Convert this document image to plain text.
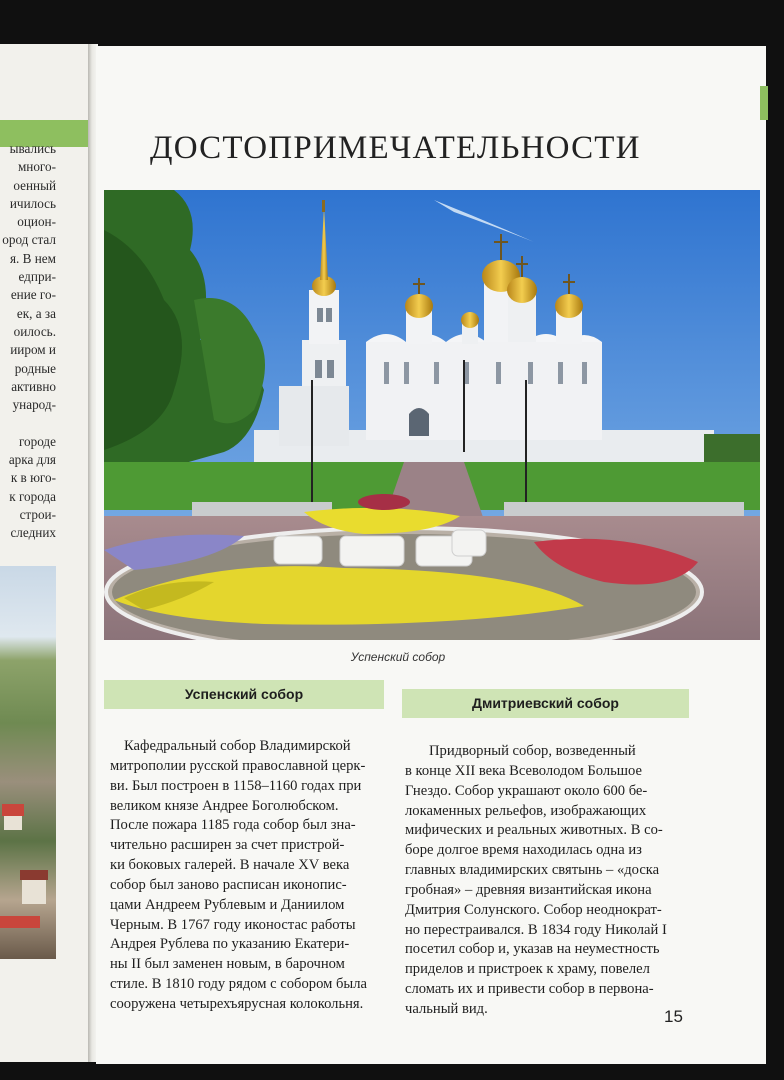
ывались
много-
оенный
ичилось
оцион-
ород стал
я. В нем
едпри-
ение го-
ек, а за
оилось.
ииром и
родные
активно
ународ-
городе
арка для
к в юго-
к города
строи-
следних
ДОСТОПРИМЕЧАТЕЛЬНОСТИ
Успенский собор
Успенский собор
Кафедральный собор Владимирской
митрополии русской православной церк-
ви. Был построен в 1158–1160 годах при
великом князе Андрее Боголюбском.
После пожара 1185 года собор был зна-
чительно расширен за счет пристрой-
ки боковых галерей. В начале XV века
собор был заново расписан иконопис-
цами Андреем Рублевым и Даниилом
Черным. В 1767 году иконостас работы
Андрея Рублева по указанию Екатери-
ны II был заменен новым, в барочном
стиле. В 1810 году рядом с собором была
сооружена четырехъярусная колокольня.
Дмитриевский собор
Придворный собор, возведенный
в конце XII века Всеволодом Большое
Гнездо. Собор украшают около 600 бе-
локаменных рельефов, изображающих
мифических и реальных животных. В со-
боре долгое время находилась одна из
главных владимирских святынь – «доска
гробная» – древняя византийская икона
Дмитрия Солунского. Собор неоднократ-
но перестраивался. В 1834 году Николай I
посетил собор и, указав на неуместность
приделов и пристроек к храму, повелел
сломать их и привести собор в первона-
чальный вид.	15
